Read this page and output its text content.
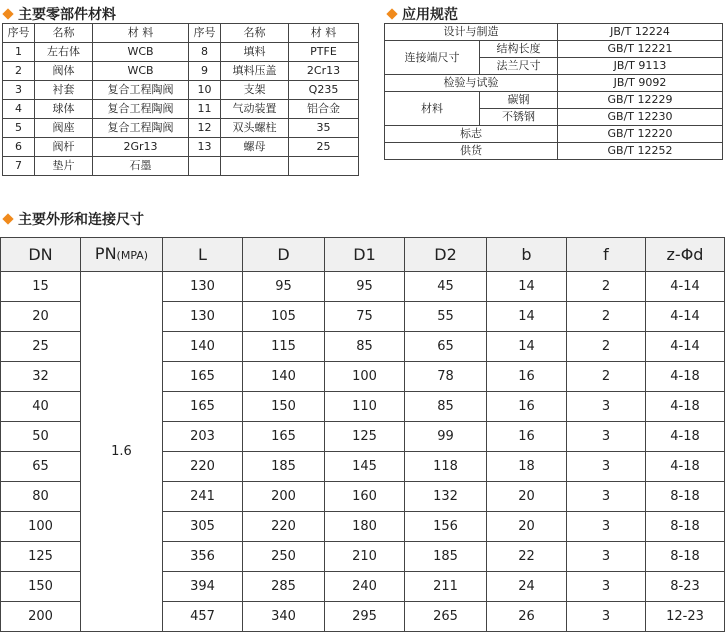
主要零部件材料	应用规范
序号	名称	材 料	序号	名称	材 料
1	左右体	WCB	8	填料	PTFE
2	阀体	WCB	9	填料压盖	2Cr13
3	衬套	复合工程陶阀	10	支架	Q235
4	球体	复合工程陶阀	11	气动装置	铝合金
5	阀座	复合工程陶阀	12	双头螺柱	35
6	阀杆	2Gr13	13	螺母	25
7	垫片	石墨			
设计与制造		JB/T 12224
连接端尺寸	结构长度	GB/T 12221
	法兰尺寸	JB/T 9113
检验与试验		JB/T 9092
材料	碳钢	GB/T 12229
	不锈钢	GB/T 12230
标志		GB/T 12220
供货		GB/T 12252
主要外形和连接尺寸
DN	PN(MPA)	L	D	D1	D2	b	f	z-Φd
15	1.6	130	95	95	45	14	2	4-14
20		130	105	75	55	14	2	4-14
25		140	115	85	65	14	2	4-14
32		165	140	100	78	16	2	4-18
40		165	150	110	85	16	3	4-18
50		203	165	125	99	16	3	4-18
65		220	185	145	118	18	3	4-18
80		241	200	160	132	20	3	8-18
100		305	220	180	156	20	3	8-18
125		356	250	210	185	22	3	8-18
150		394	285	240	211	24	3	8-23
200		457	340	295	265	26	3	12-23
